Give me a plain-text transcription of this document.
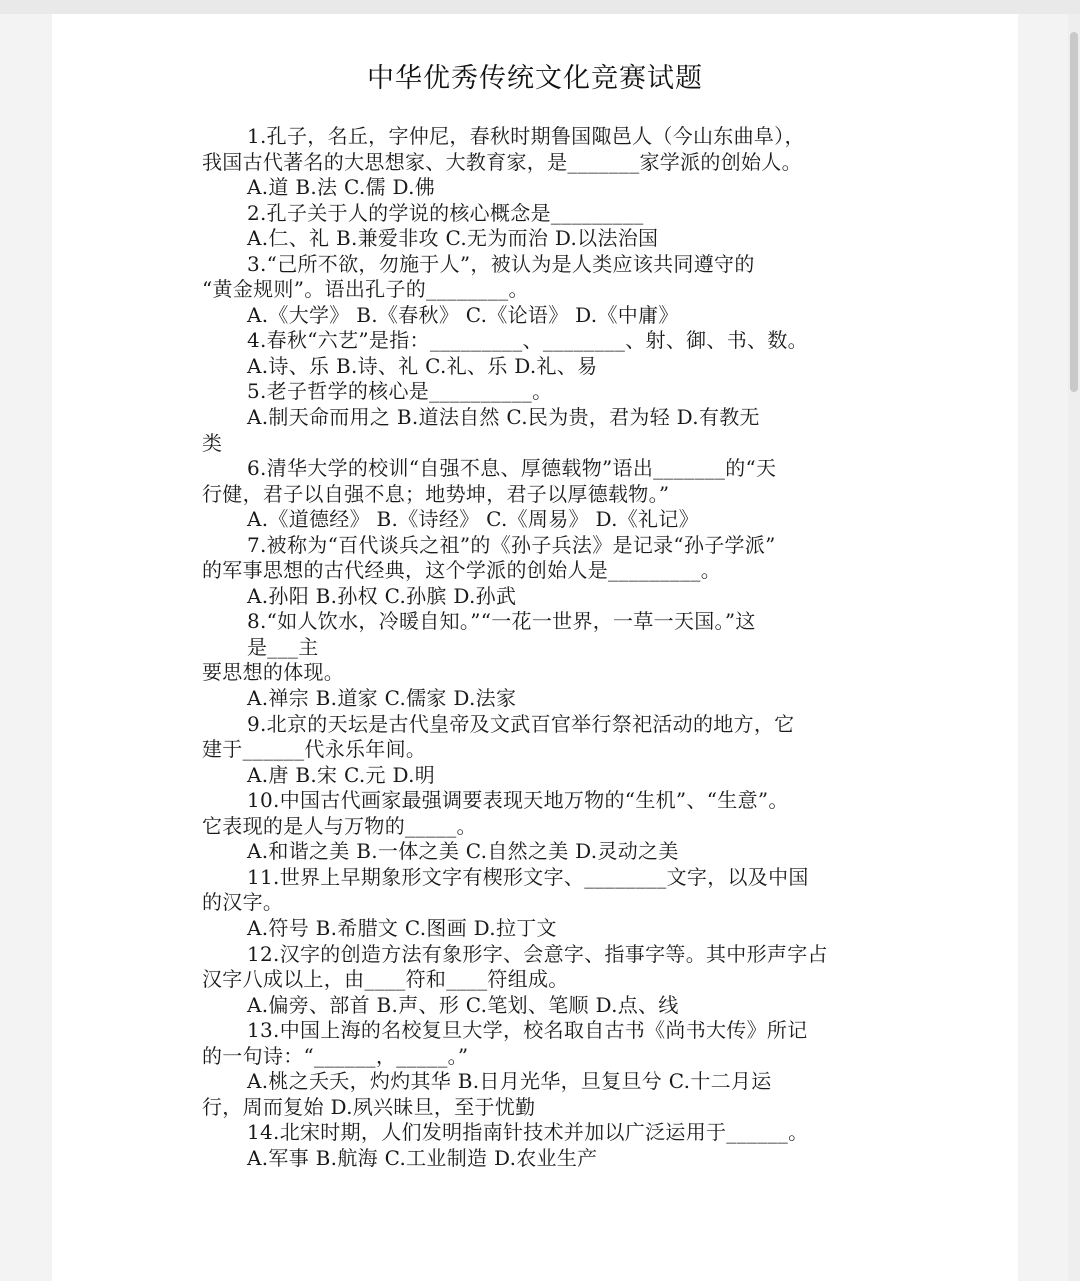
中华优秀传统文化竞赛试题
1.孔子，名丘，字仲尼，春秋时期鲁国陬邑人（今山东曲阜），
我国古代著名的大思想家、大教育家，是_______家学派的创始人。
A.道 B.法 C.儒 D.佛
2.孔子关于人的学说的核心概念是_________
A.仁、礼 B.兼爱非攻 C.无为而治 D.以法治国
3.“己所不欲，勿施于人”，被认为是人类应该共同遵守的
“黄金规则”。语出孔子的________。
A.《大学》 B.《春秋》 C.《论语》 D.《中庸》
4.春秋“六艺”是指：_________、________、射、御、书、数。
A.诗、乐 B.诗、礼 C.礼、乐 D.礼、易
5.老子哲学的核心是__________。
A.制天命而用之 B.道法自然 C.民为贵，君为轻 D.有教无
类
6.清华大学的校训“自强不息、厚德载物”语出_______的“天
行健，君子以自强不息；地势坤，君子以厚德载物。”
A.《道德经》 B.《诗经》 C.《周易》 D.《礼记》
7.被称为“百代谈兵之祖”的《孙子兵法》是记录“孙子学派”
的军事思想的古代经典，这个学派的创始人是_________。
A.孙阳 B.孙权 C.孙膑 D.孙武
8.“如人饮水，冷暖自知。”“一花一世界，一草一天国。”这
是___主
要思想的体现。
A.禅宗 B.道家 C.儒家 D.法家
9.北京的天坛是古代皇帝及文武百官举行祭祀活动的地方，它
建于______代永乐年间。
A.唐 B.宋 C.元 D.明
10.中国古代画家最强调要表现天地万物的“生机”、“生意”。
它表现的是人与万物的_____。
A.和谐之美 B.一体之美 C.自然之美 D.灵动之美
11.世界上早期象形文字有楔形文字、________文字，以及中国
的汉字。
A.符号 B.希腊文 C.图画 D.拉丁文
12.汉字的创造方法有象形字、会意字、指事字等。其中形声字占
汉字八成以上，由____符和____符组成。
A.偏旁、部首 B.声、形 C.笔划、笔顺 D.点、线
13.中国上海的名校复旦大学，校名取自古书《尚书大传》所记
的一句诗：“______，_____。”
A.桃之夭夭，灼灼其华 B.日月光华，旦复旦兮 C.十二月运
行，周而复始 D.夙兴昧旦，至于忧勤
14.北宋时期，人们发明指南针技术并加以广泛运用于______。
A.军事 B.航海 C.工业制造 D.农业生产
